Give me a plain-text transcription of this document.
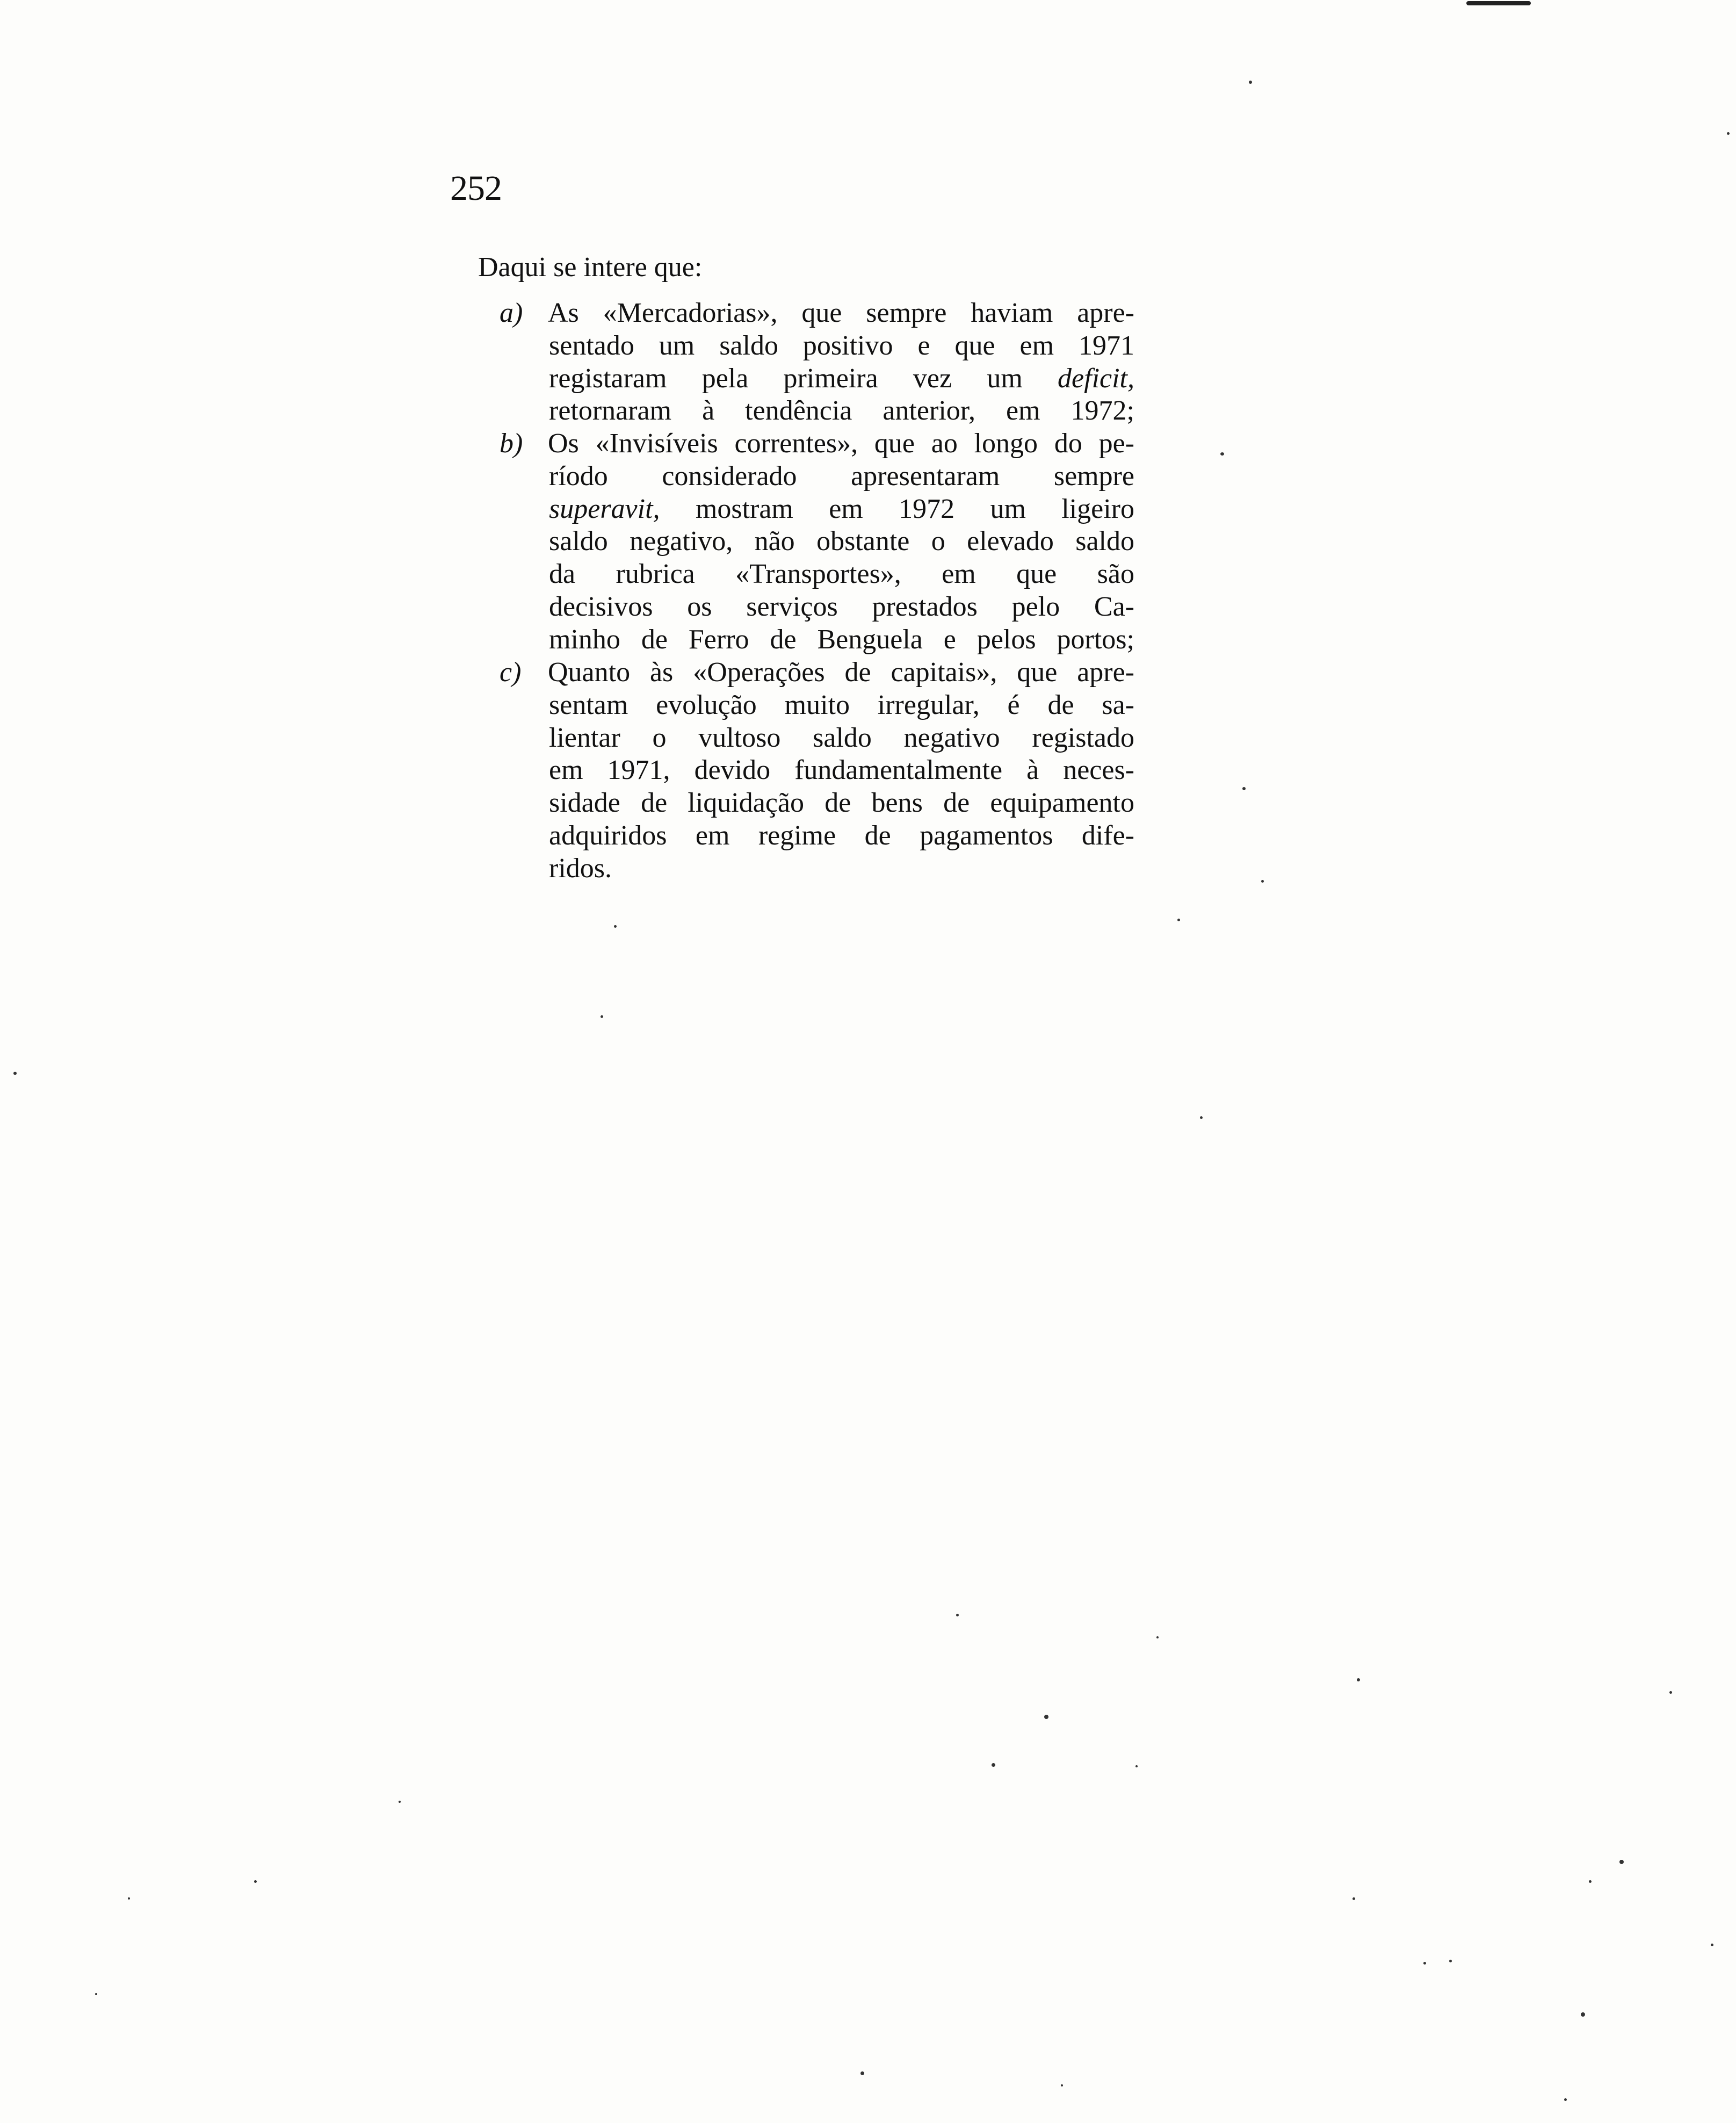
252

Daqui se intere que:

a) As «Mercadorias», que sempre haviam apre-
sentado um saldo positivo e que em 1971
registaram pela primeira vez um deficit,
retornaram à tendência anterior, em 1972;
b) Os «Invisíveis correntes», que ao longo do pe-
ríodo considerado apresentaram sempre
superavit, mostram em 1972 um ligeiro
saldo negativo, não obstante o elevado saldo
da rubrica «Transportes», em que são
decisivos os serviços prestados pelo Ca-
minho de Ferro de Benguela e pelos portos;
c) Quanto às «Operações de capitais», que apre-
sentam evolução muito irregular, é de sa-
lientar o vultoso saldo negativo registado
em 1971, devido fundamentalmente à neces-
sidade de liquidação de bens de equipamento
adquiridos em regime de pagamentos dife-
ridos.
